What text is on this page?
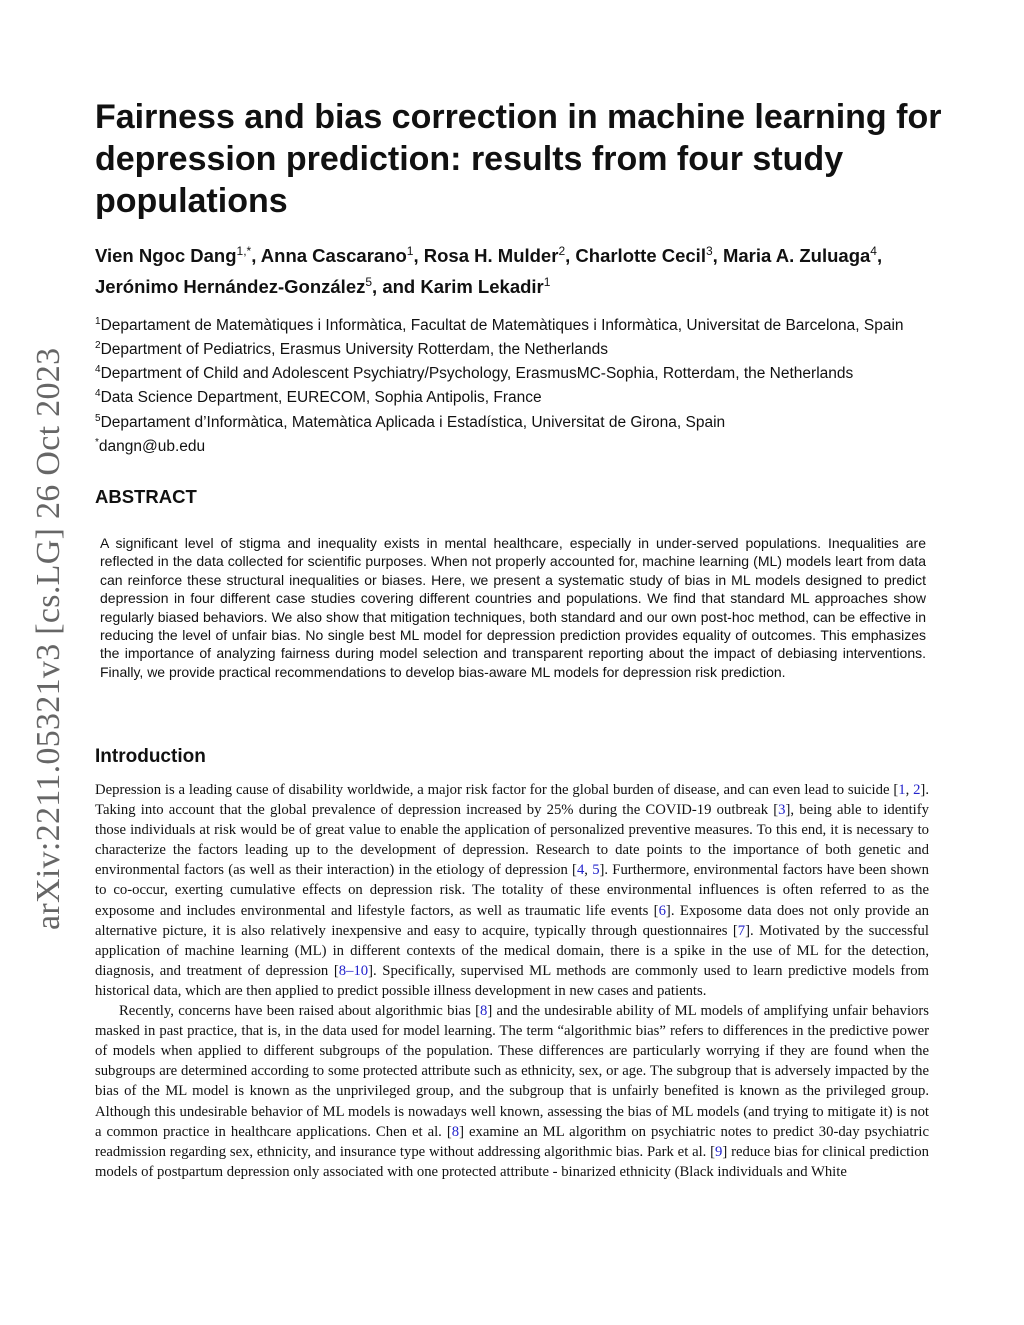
arXiv:2211.05321v3 [cs.LG] 26 Oct 2023
Fairness and bias correction in machine learning for depression prediction: results from four study populations

Vien Ngoc Dang$^{1,*}$, Anna Cascarano$^1$, Rosa H. Mulder$^2$, Charlotte Cecil$^3$, Maria A. Zuluaga$^4$, Jerónimo Hernández-González$^5$, and Karim Lekadir$^1$

$^1$Departament de Matemàtiques i Informàtica, Facultat de Matemàtiques i Informàtica, Universitat de Barcelona, Spain

$^2$Department of Pediatrics, Erasmus University Rotterdam, the Netherlands

$^4$Department of Child and Adolescent Psychiatry/Psychology, ErasmusMC-Sophia, Rotterdam, the Netherlands

$^4$Data Science Department, EURECOM, Sophia Antipolis, France

$^5$Departament d’Informàtica, Matemàtica Aplicada i Estadística, Universitat de Girona, Spain

*dangn@ub.edu

ABSTRACT

A significant level of stigma and inequality exists in mental healthcare, especially in under-served populations. Inequalities are reflected in the data collected for scientific purposes. When not properly accounted for, machine learning (ML) models leart from data can reinforce these structural inequalities or biases. Here, we present a systematic study of bias in ML models designed to predict depression in four different case studies covering different countries and populations. We find that standard ML approaches show regularly biased behaviors. We also show that mitigation techniques, both standard and our own post-hoc method, can be effective in reducing the level of unfair bias. No single best ML model for depression prediction provides equality of outcomes. This emphasizes the importance of analyzing fairness during model selection and transparent reporting about the impact of debiasing interventions. Finally, we provide practical recommendations to develop bias-aware ML models for depression risk prediction.

Introduction

Depression is a leading cause of disability worldwide, a major risk factor for the global burden of disease, and can even lead to suicide [1, 2]. Taking into account that the global prevalence of depression increased by 25% during the COVID-19 outbreak [3], being able to identify those individuals at risk would be of great value to enable the application of personalized preventive measures. To this end, it is necessary to characterize the factors leading up to the development of depression. Research to date points to the importance of both genetic and environmental factors (as well as their interaction) in the etiology of depression [4, 5]. Furthermore, environmental factors have been shown to co-occur, exerting cumulative effects on depression risk. The totality of these environmental influences is often referred to as the exposome and includes environmental and lifestyle factors, as well as traumatic life events [6]. Exposome data does not only provide an alternative picture, it is also relatively inexpensive and easy to acquire, typically through questionnaires [7]. Motivated by the successful application of machine learning (ML) in different contexts of the medical domain, there is a spike in the use of ML for the detection, diagnosis, and treatment of depression [8–10]. Specifically, supervised ML methods are commonly used to learn predictive models from historical data, which are then applied to predict possible illness development in new cases and patients.

Recently, concerns have been raised about algorithmic bias [8] and the undesirable ability of ML models of amplifying unfair behaviors masked in past practice, that is, in the data used for model learning. The term “algorithmic bias” refers to differences in the predictive power of models when applied to different subgroups of the population. These differences are particularly worrying if they are found when the subgroups are determined according to some protected attribute such as ethnicity, sex, or age. The subgroup that is adversely impacted by the bias of the ML model is known as the unprivileged group, and the subgroup that is unfairly benefited is known as the privileged group. Although this undesirable behavior of ML models is nowadays well known, assessing the bias of ML models (and trying to mitigate it) is not a common practice in healthcare applications. Chen et al. [8] examine an ML algorithm on psychiatric notes to predict 30-day psychiatric readmission regarding sex, ethnicity, and insurance type without addressing algorithmic bias. Park et al. [9] reduce bias for clinical prediction models of postpartum depression only associated with one protected attribute - binarized ethnicity (Black individuals and White
